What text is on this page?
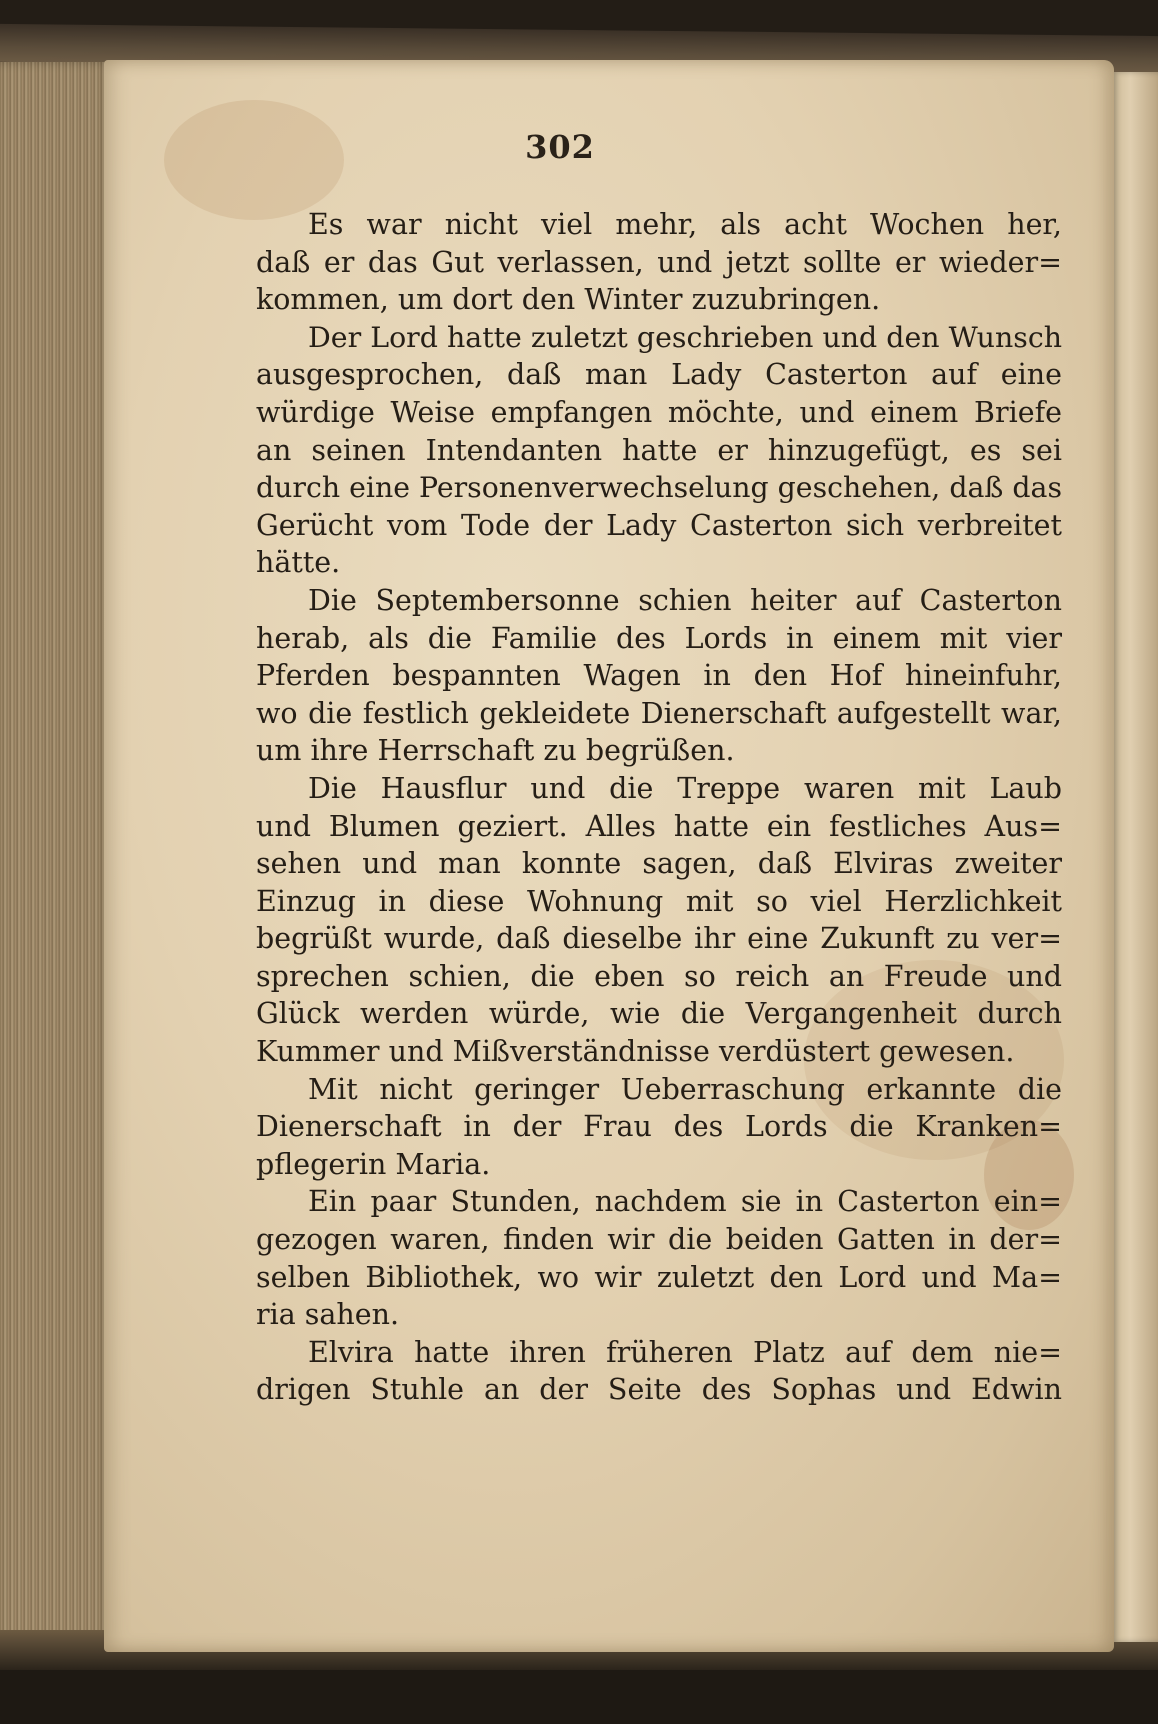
302

Es war nicht viel mehr, als acht Wochen her,
daß er das Gut verlassen, und jetzt sollte er wieder=
kommen, um dort den Winter zuzubringen.

Der Lord hatte zuletzt geschrieben und den Wunsch
ausgesprochen, daß man Lady Casterton auf eine
würdige Weise empfangen möchte, und einem Briefe
an seinen Intendanten hatte er hinzugefügt, es sei
durch eine Personenverwechselung geschehen, daß das
Gerücht vom Tode der Lady Casterton sich verbreitet
hätte.

Die Septembersonne schien heiter auf Casterton
herab, als die Familie des Lords in einem mit vier
Pferden bespannten Wagen in den Hof hineinfuhr,
wo die festlich gekleidete Dienerschaft aufgestellt war,
um ihre Herrschaft zu begrüßen.

Die Hausflur und die Treppe waren mit Laub
und Blumen geziert. Alles hatte ein festliches Aus=
sehen und man konnte sagen, daß Elviras zweiter
Einzug in diese Wohnung mit so viel Herzlichkeit
begrüßt wurde, daß dieselbe ihr eine Zukunft zu ver=
sprechen schien, die eben so reich an Freude und
Glück werden würde, wie die Vergangenheit durch
Kummer und Mißverständnisse verdüstert gewesen.

Mit nicht geringer Ueberraschung erkannte die
Dienerschaft in der Frau des Lords die Kranken=
pflegerin Maria.

Ein paar Stunden, nachdem sie in Casterton ein=
gezogen waren, finden wir die beiden Gatten in der=
selben Bibliothek, wo wir zuletzt den Lord und Ma=
ria sahen.

Elvira hatte ihren früheren Platz auf dem nie=
drigen Stuhle an der Seite des Sophas und Edwin
